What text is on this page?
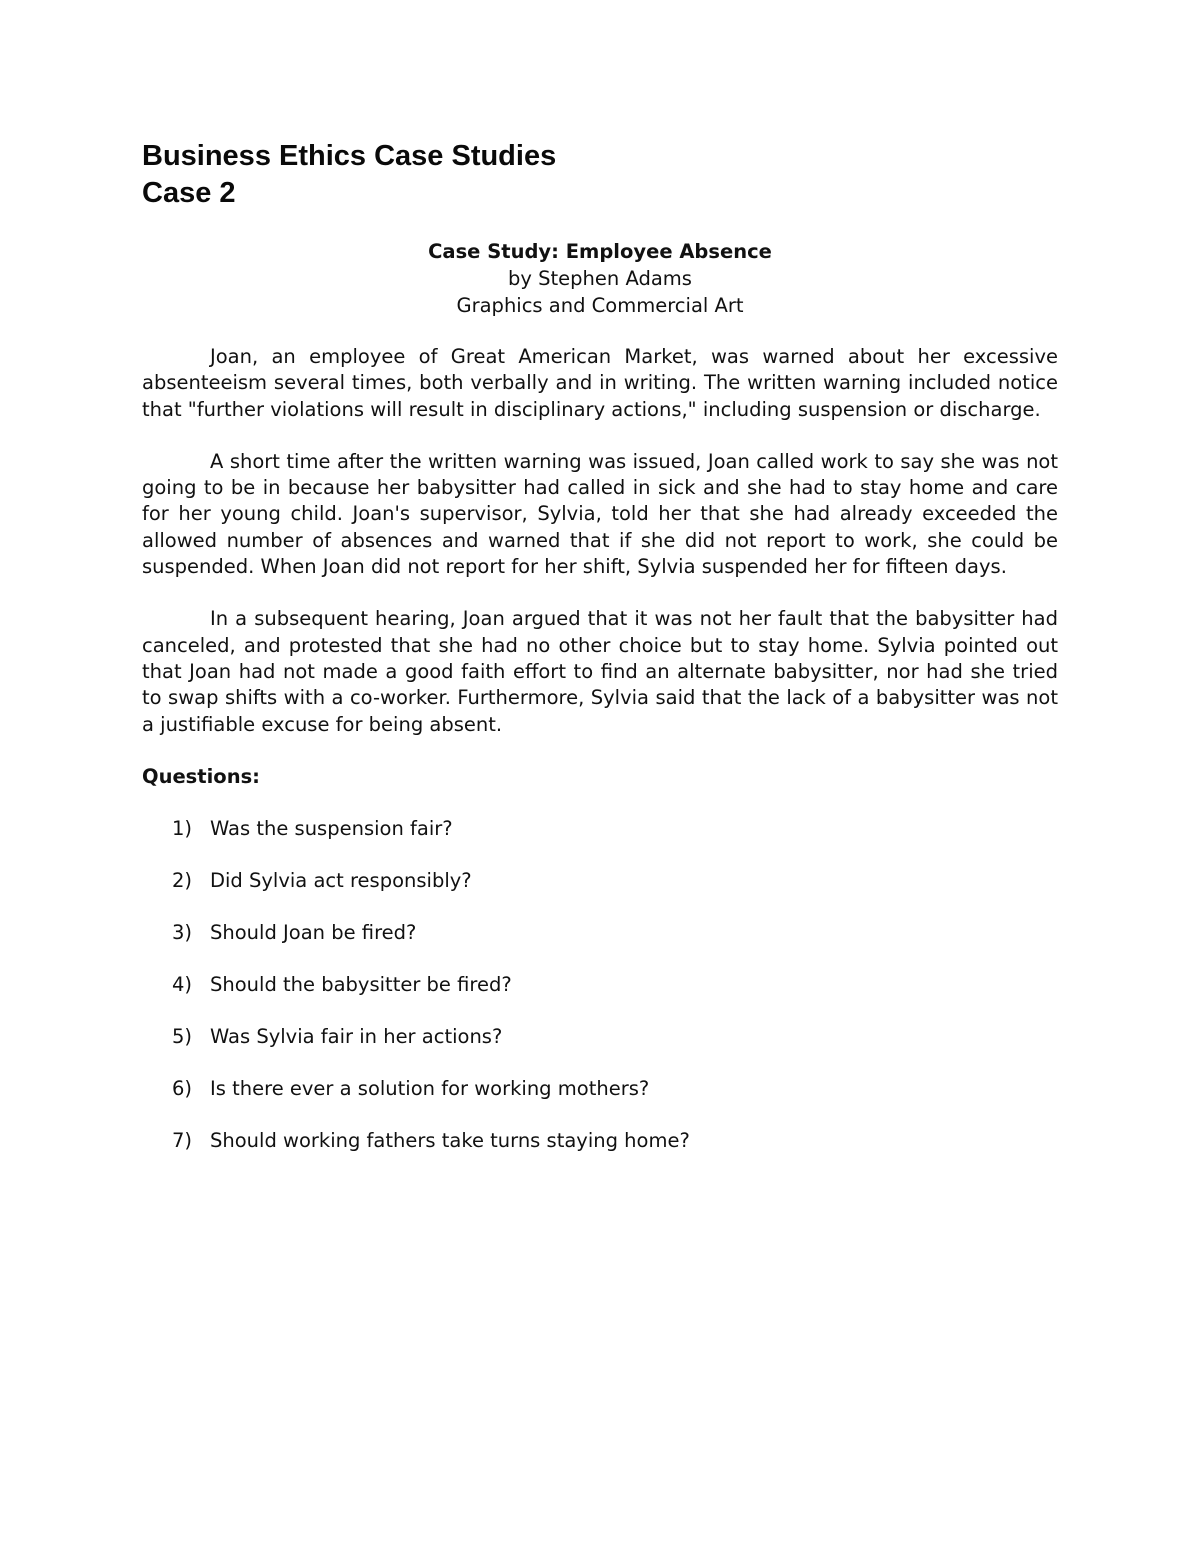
Business Ethics Case Studies
Case 2
Case Study: Employee Absence
by Stephen Adams
Graphics and Commercial Art

Joan, an employee of Great American Market, was warned about her excessive absenteeism several times, both verbally and in writing. The written warning included notice that "further violations will result in disciplinary actions," including suspension or discharge.

A short time after the written warning was issued, Joan called work to say she was not going to be in because her babysitter had called in sick and she had to stay home and care for her young child. Joan's supervisor, Sylvia, told her that she had already exceeded the allowed number of absences and warned that if she did not report to work, she could be suspended. When Joan did not report for her shift, Sylvia suspended her for fifteen days.

In a subsequent hearing, Joan argued that it was not her fault that the babysitter had canceled, and protested that she had no other choice but to stay home. Sylvia pointed out that Joan had not made a good faith effort to find an alternate babysitter, nor had she tried to swap shifts with a co-worker. Furthermore, Sylvia said that the lack of a babysitter was not a justifiable excuse for being absent.

Questions:
1) Was the suspension fair?
2) Did Sylvia act responsibly?
3) Should Joan be fired?
4) Should the babysitter be fired?
5) Was Sylvia fair in her actions?
6) Is there ever a solution for working mothers?
7) Should working fathers take turns staying home?
